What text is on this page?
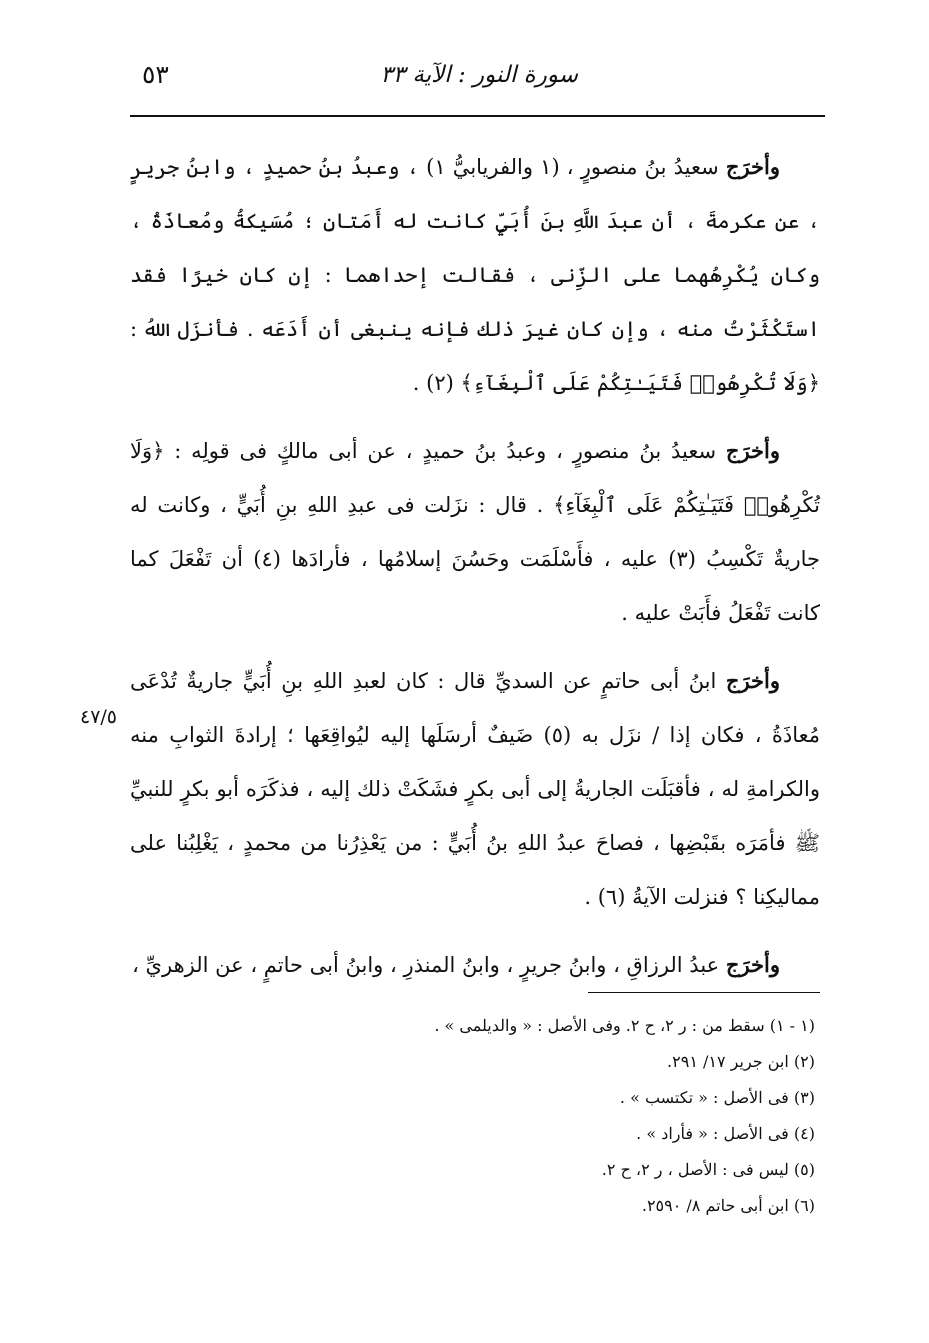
سورة النور : الآية ٣٣
٥٣
٤٧/٥

وأخرَج سعيدُ بنُ منصورٍ ، (١ والفريابيُّ ١) ، وعبدُ بنُ حميدٍ ، وابنُ جريرٍ ، عن عكرمةَ ، أن عبدَ اللَّهِ بنَ أُبَيٍّ كانت له أَمَتانِ ؛ مُسَيكةُ ومُعاذَةُ ، وكان يُكْرِهُهما على الزِّنى ، فقالت إحداهما : إن كان خيرًا فقد استَكْثَرْتُ منه ، وإن كان غيرَ ذلك فإنه ينبغى أن أَدَعَه . فأنزَل اللهُ : ﴿وَلَا تُكْرِهُوا۟ فَتَيَـٰتِكُمْ عَلَى ٱلْبِغَآءِ﴾ (٢) .

وأخرَج سعيدُ بنُ منصورٍ ، وعبدُ بنُ حميدٍ ، عن أبى مالكٍ فى قولِه : ﴿وَلَا تُكْرِهُوا۟ فَتَيَـٰتِكُمْ عَلَى ٱلْبِغَآءِ﴾ . قال : نزَلت فى عبدِ اللهِ بنِ أُبَيٍّ ، وكانت له جاريةٌ تَكْسِبُ (٣) عليه ، فأَسْلَمَت وحَسُنَ إسلامُها ، فأرادَها (٤) أن تَفْعَلَ كما كانت تَفْعَلُ فأَبَتْ عليه .

وأخرَج ابنُ أبى حاتمٍ عن السديِّ قال : كان لعبدِ اللهِ بنِ أُبَيٍّ جاريةٌ تُدْعَى مُعاذَةُ ، فكان إذا / نزَل به (٥) ضَيفٌ أرسَلَها إليه ليُواقِعَها ؛ إرادةَ الثوابِ منه والكرامةِ له ، فأقبَلَت الجاريةُ إلى أبى بكرٍ فشَكَتْ ذلك إليه ، فذكَرَه أبو بكرٍ للنبيِّ ﷺ فأمَرَه بقَبْضِها ، فصاحَ عبدُ اللهِ بنُ أُبَيٍّ : من يَعْذِرُنا من محمدٍ ، يَغْلِبُنا على مماليكِنا ؟ فنزلت الآيةُ (٦) .

وأخرَج عبدُ الرزاقِ ، وابنُ جريرٍ ، وابنُ المنذرِ ، وابنُ أبى حاتمٍ ، عن الزهريِّ ،

(١ - ١) سقط من : ر ٢، ح ٢. وفى الأصل : « والديلمى » .
(٢) ابن جرير ١٧/ ٢٩١.
(٣) فى الأصل : « تكتسب » .
(٤) فى الأصل : « فأراد » .
(٥) ليس فى : الأصل ، ر ٢، ح ٢.
(٦) ابن أبى حاتم ٨/ ٢٥٩٠.
